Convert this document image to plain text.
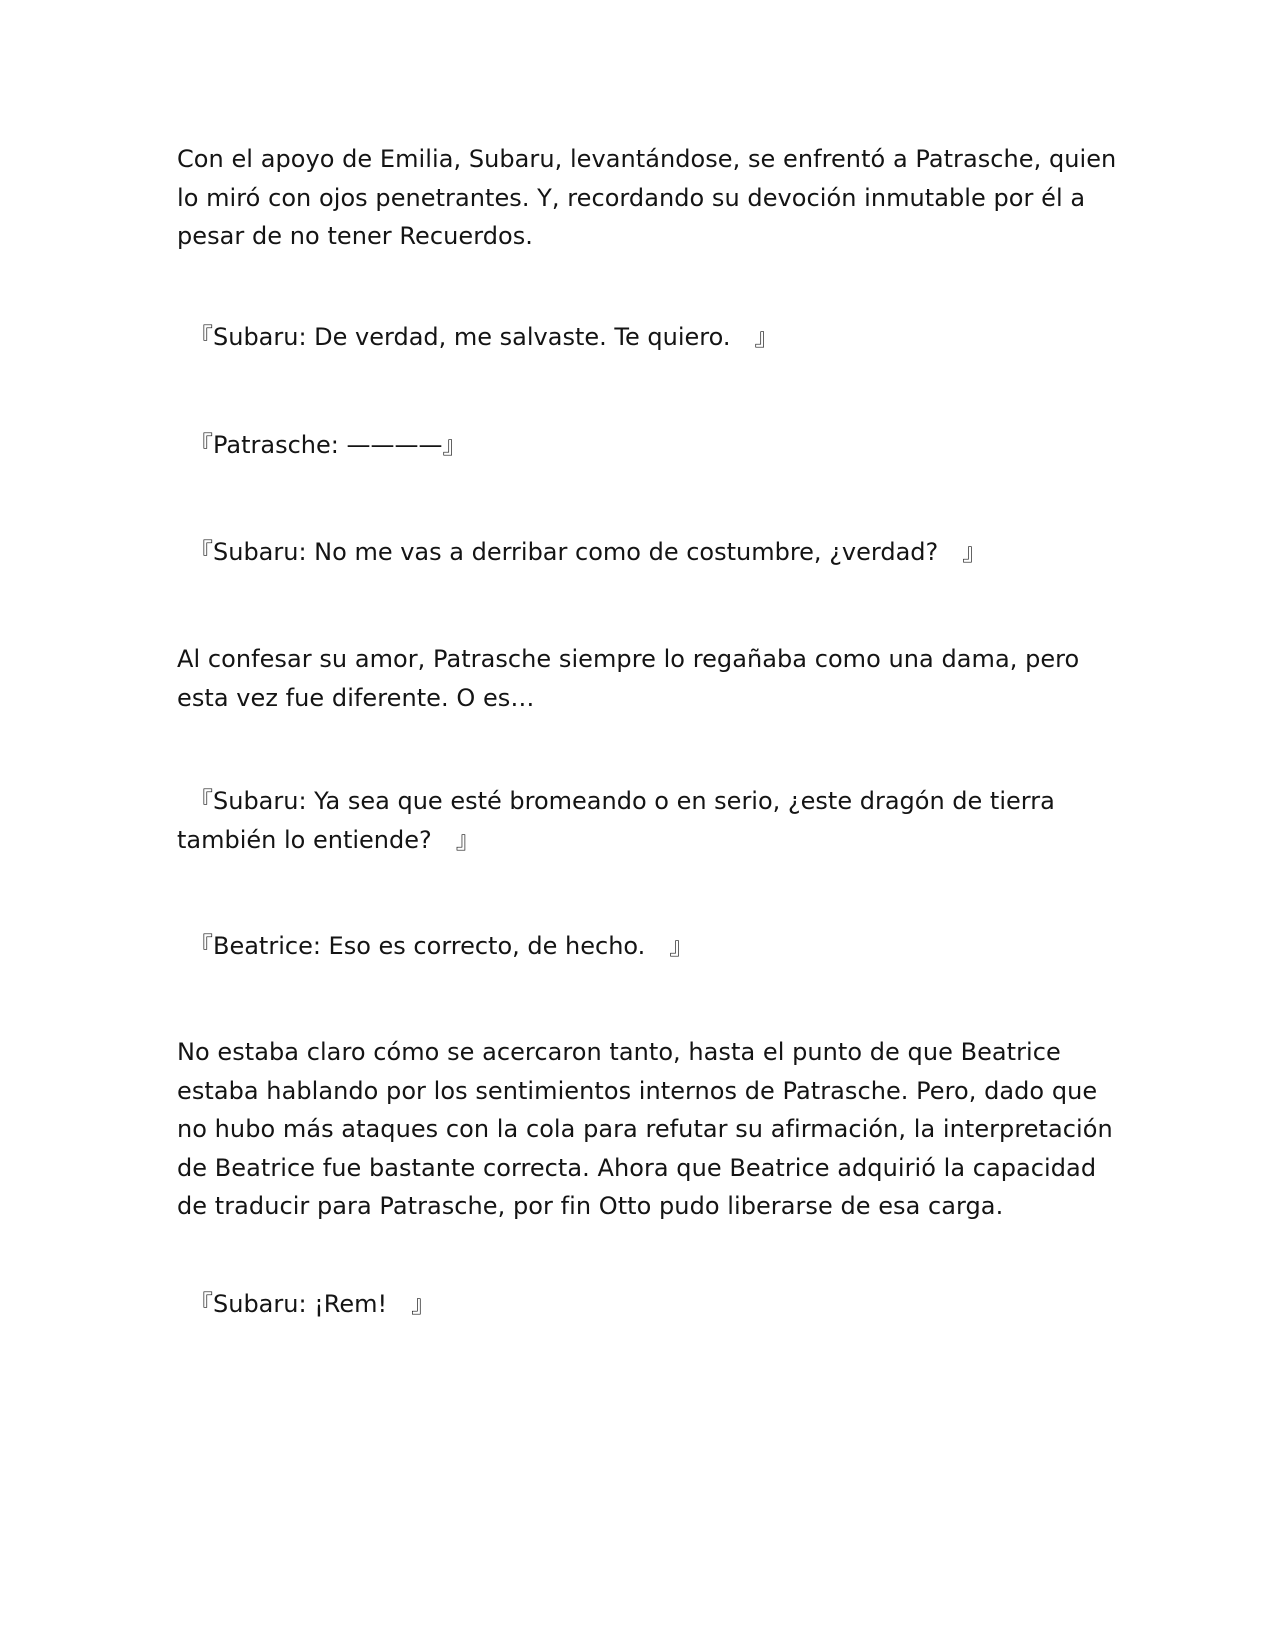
Con el apoyo de Emilia, Subaru, levantándose, se enfrentó a Patrasche, quien lo miró con ojos penetrantes. Y, recordando su devoción inmutable por él a pesar de no tener Recuerdos.

　『Subaru: De verdad, me salvaste. Te quiero.　』

　『Patrasche: ————』

　『Subaru: No me vas a derribar como de costumbre, ¿verdad?　』

Al confesar su amor, Patrasche siempre lo regañaba como una dama, pero esta vez fue diferente. O es…

　『Subaru: Ya sea que esté bromeando o en serio, ¿este dragón de tierra también lo entiende?　』

　『Beatrice: Eso es correcto, de hecho.　』

No estaba claro cómo se acercaron tanto, hasta el punto de que Beatrice estaba hablando por los sentimientos internos de Patrasche. Pero, dado que no hubo más ataques con la cola para refutar su afirmación, la interpretación de Beatrice fue bastante correcta. Ahora que Beatrice adquirió la capacidad de traducir para Patrasche, por fin Otto pudo liberarse de esa carga.

　『Subaru: ¡Rem!　』
